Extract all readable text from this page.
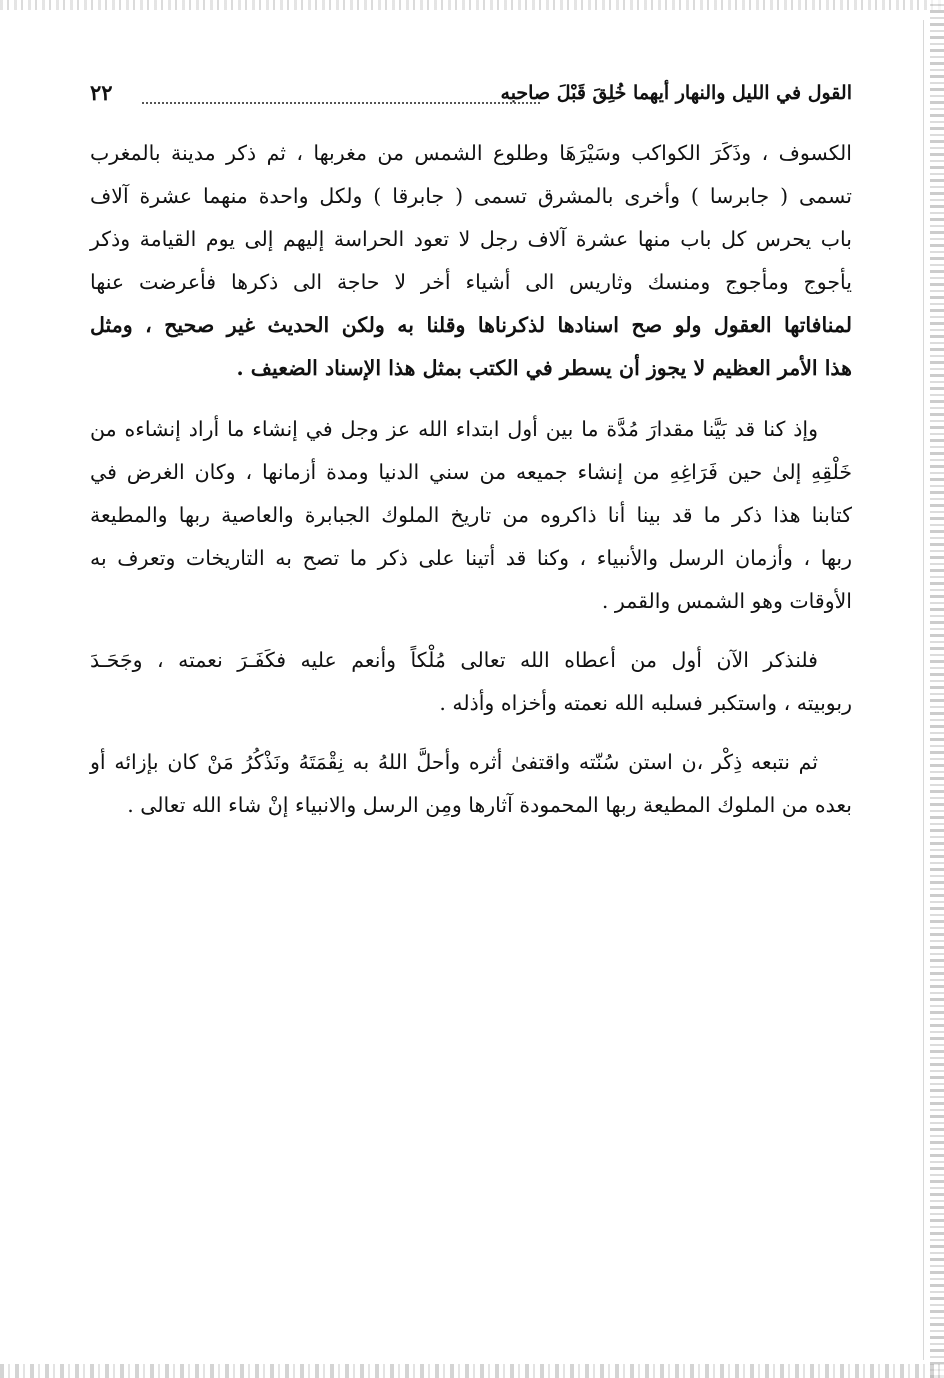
القول في الليل والنهار أيهما خُلِقَ قَبْلَ صاحبه
٢٢
الكسوف ، وذَكَرَ الكواكب وسَيْرَهَا وطلوع الشمس من مغربها ، ثم ذكر مدينة بالمغرب
تسمى ( جابرسا ) وأخرى بالمشرق تسمى ( جابرقا ) ولكل واحدة منهما عشرة آلاف
باب يحرس كل باب منها عشرة آلاف رجل لا تعود الحراسة إليهم إلى يوم القيامة وذكر
يأجوج ومأجوج ومنسك وثاريس الى أشياء أخر لا حاجة الى ذكرها فأعرضت عنها
لمنافاتها العقول ولو صح اسنادها لذكرناها وقلنا به ولكن الحديث غير صحيح ، ومثل
هذا الأمر العظيم لا يجوز أن يسطر في الكتب بمثل هذا الإسناد الضعيف .
وإذ كنا قد بَيَّنا مقدارَ مُدَّة ما بين أول ابتداء الله عز وجل في إنشاء ما أراد إنشاءه من
خَلْقِهِ إلىٰ حين فَرَاغِهِ من إنشاء جميعه من سني الدنيا ومدة أزمانها ، وكان الغرض في
كتابنا هذا ذكر ما قد بينا أنا ذاكروه من تاريخ الملوك الجبابرة والعاصية ربها والمطيعة
ربها ، وأزمان الرسل والأنبياء ، وكنا قد أتينا على ذكر ما تصح به التاريخات وتعرف به
الأوقات وهو الشمس والقمر .
فلنذكر الآن أول من أعطاه الله تعالى مُلْكاً وأنعم عليه فكَفَـرَ نعمته ، وجَحَـدَ
ربوبيته ، واستكبر فسلبه الله نعمته وأخزاه وأذله .
ثم نتبعه ذِكْر ،ن استن سُنّته واقتفىٰ أثره وأحلَّ اللهُ به نِقْمَتَهُ ونَذْكُرُ مَنْ كان بإزائه أو
بعده من الملوك المطيعة ربها المحمودة آثارها ومِن الرسل والانبياء إنْ شاء الله تعالى .
